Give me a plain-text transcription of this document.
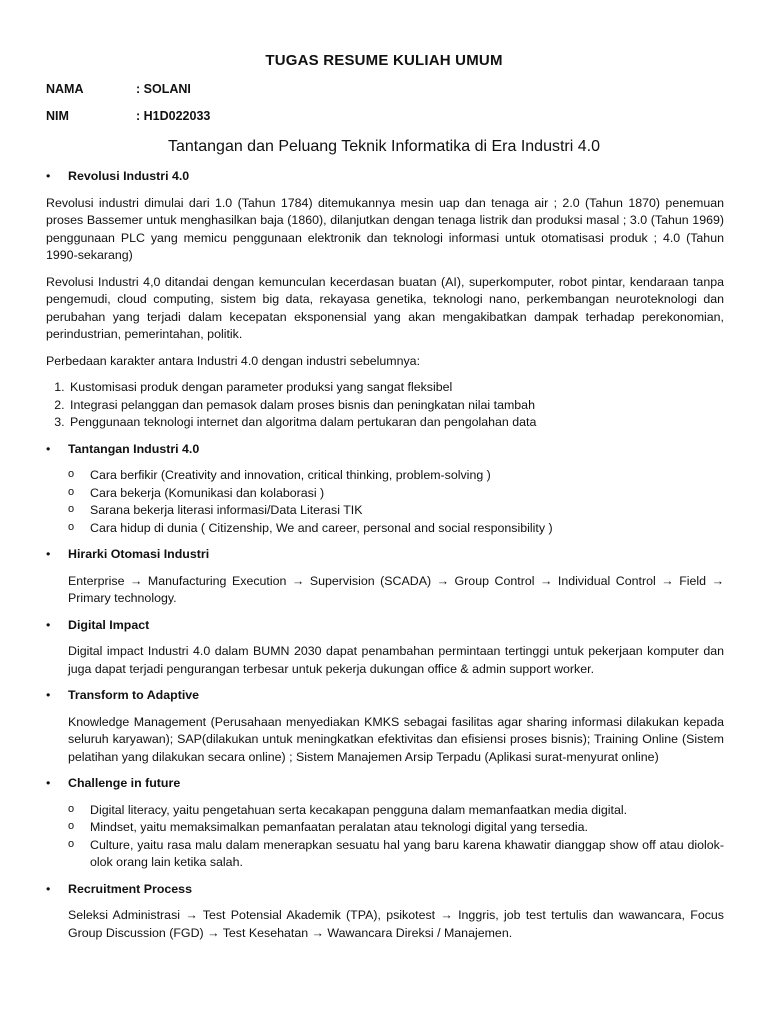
TUGAS RESUME KULIAH UMUM
NAMA	: SOLANI
NIM	: H1D022033
Tantangan dan Peluang Teknik Informatika di Era Industri 4.0
• Revolusi Industri 4.0

Revolusi industri dimulai dari 1.0 (Tahun 1784) ditemukannya mesin uap dan tenaga air ; 2.0 (Tahun 1870) penemuan proses Bassemer untuk menghasilkan baja (1860), dilanjutkan dengan tenaga listrik dan produksi masal ; 3.0 (Tahun 1969) penggunaan PLC yang memicu penggunaan elektronik dan teknologi informasi untuk otomatisasi produk ; 4.0 (Tahun 1990-sekarang)

Revolusi Industri 4,0 ditandai dengan kemunculan kecerdasan buatan (AI), superkomputer, robot pintar, kendaraan tanpa pengemudi, cloud computing, sistem big data, rekayasa genetika, teknologi nano, perkembangan neuroteknologi dan perubahan yang terjadi dalam kecepatan eksponensial yang akan mengakibatkan dampak terhadap perekonomian, perindustrian, pemerintahan, politik.

Perbedaan karakter antara Industri 4.0 dengan industri sebelumnya:

1. Kustomisasi produk dengan parameter produksi yang sangat fleksibel
2. Integrasi pelanggan dan pemasok dalam proses bisnis dan peningkatan nilai tambah
3. Penggunaan teknologi internet dan algoritma dalam pertukaran dan pengolahan data
• Tantangan Industri 4.0
o Cara berfikir (Creativity and innovation, critical thinking, problem-solving )
o Cara bekerja (Komunikasi dan kolaborasi )
o Sarana bekerja literasi informasi/Data Literasi TIK
o Cara hidup di dunia ( Citizenship, We and career, personal and social responsibility )
• Hirarki Otomasi Industri

Enterprise → Manufacturing Execution → Supervision (SCADA) → Group Control → Individual Control → Field → Primary technology.

• Digital Impact

Digital impact Industri 4.0 dalam BUMN 2030 dapat penambahan permintaan tertinggi untuk pekerjaan komputer dan juga dapat terjadi pengurangan terbesar untuk pekerja dukungan office & admin support worker.

• Transform to Adaptive

Knowledge Management (Perusahaan menyediakan KMKS sebagai fasilitas agar sharing informasi dilakukan kepada seluruh karyawan); SAP(dilakukan untuk meningkatkan efektivitas dan efisiensi proses bisnis); Training Online (Sistem pelatihan yang dilakukan secara online) ; Sistem Manajemen Arsip Terpadu (Aplikasi surat-menyurat online)

• Challenge in future
o Digital literacy, yaitu pengetahuan serta kecakapan pengguna dalam memanfaatkan media digital.
o Mindset, yaitu memaksimalkan pemanfaatan peralatan atau teknologi digital yang tersedia.
o Culture, yaitu rasa malu dalam menerapkan sesuatu hal yang baru karena khawatir dianggap show off atau diolok-olok orang lain ketika salah.
• Recruitment Process

Seleksi Administrasi → Test Potensial Akademik (TPA), psikotest → Inggris, job test tertulis dan wawancara, Focus Group Discussion (FGD) → Test Kesehatan → Wawancara Direksi / Manajemen.
